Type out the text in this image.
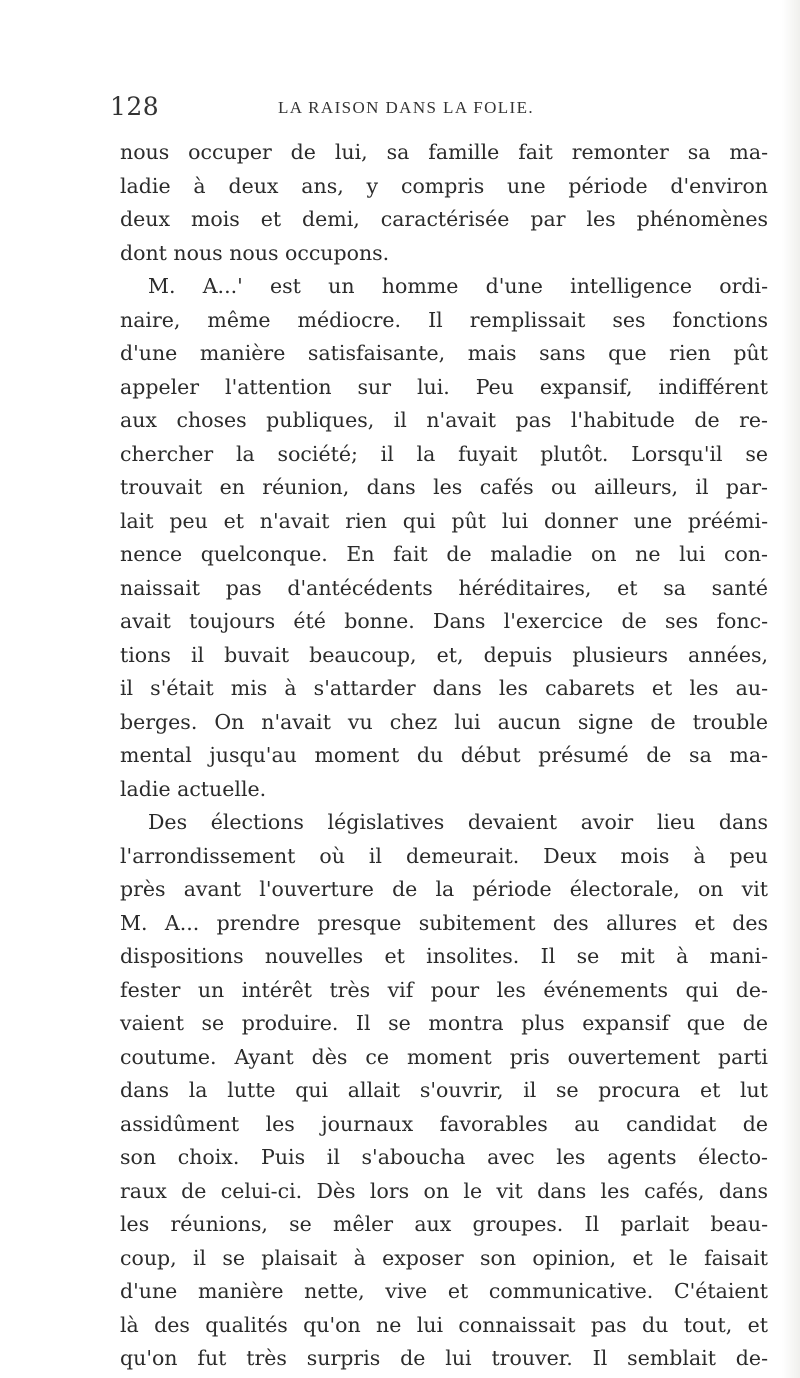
128	LA RAISON DANS LA FOLIE.
nous occuper de lui, sa famille fait remonter sa ma-
ladie à deux ans, y compris une période d'environ
deux mois et demi, caractérisée par les phénomènes
dont nous nous occupons.
M. A...' est un homme d'une intelligence ordi-
naire, même médiocre. Il remplissait ses fonctions
d'une manière satisfaisante, mais sans que rien pût
appeler l'attention sur lui. Peu expansif, indifférent
aux choses publiques, il n'avait pas l'habitude de re-
chercher la société; il la fuyait plutôt. Lorsqu'il se
trouvait en réunion, dans les cafés ou ailleurs, il par-
lait peu et n'avait rien qui pût lui donner une préémi-
nence quelconque. En fait de maladie on ne lui con-
naissait pas d'antécédents héréditaires, et sa santé
avait toujours été bonne. Dans l'exercice de ses fonc-
tions il buvait beaucoup, et, depuis plusieurs années,
il s'était mis à s'attarder dans les cabarets et les au-
berges. On n'avait vu chez lui aucun signe de trouble
mental jusqu'au moment du début présumé de sa ma-
ladie actuelle.
Des élections législatives devaient avoir lieu dans
l'arrondissement où il demeurait. Deux mois à peu
près avant l'ouverture de la période électorale, on vit
M. A... prendre presque subitement des allures et des
dispositions nouvelles et insolites. Il se mit à mani-
fester un intérêt très vif pour les événements qui de-
vaient se produire. Il se montra plus expansif que de
coutume. Ayant dès ce moment pris ouvertement parti
dans la lutte qui allait s'ouvrir, il se procura et lut
assidûment les journaux favorables au candidat de
son choix. Puis il s'aboucha avec les agents électo-
raux de celui-ci. Dès lors on le vit dans les cafés, dans
les réunions, se mêler aux groupes. Il parlait beau-
coup, il se plaisait à exposer son opinion, et le faisait
d'une manière nette, vive et communicative. C'étaient
là des qualités qu'on ne lui connaissait pas du tout, et
qu'on fut très surpris de lui trouver. Il semblait de-
